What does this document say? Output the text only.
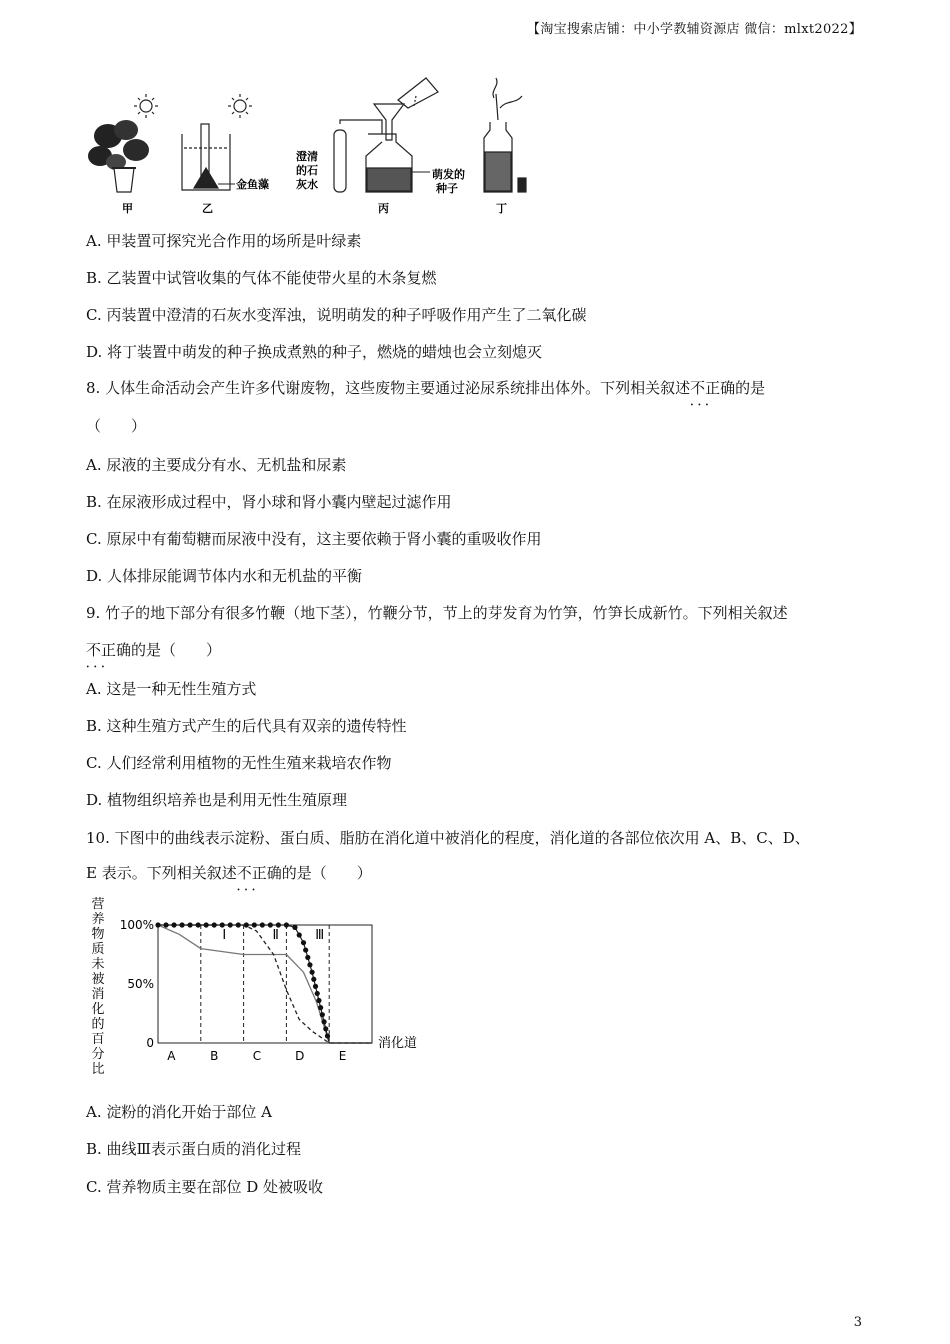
【淘宝搜索店铺：中小学教辅资源店 微信：mlxt2022】
甲
金鱼藻
乙
澄清
的石
灰水
丙
萌发的
种子
丁
A. 甲装置可探究光合作用的场所是叶绿素
B. 乙装置中试管收集的气体不能使带火星的木条复燃
C. 丙装置中澄清的石灰水变浑浊，说明萌发的种子呼吸作用产生了二氧化碳
D. 将丁装置中萌发的种子换成煮熟的种子，燃烧的蜡烛也会立刻熄灭
8. 人体生命活动会产生许多代谢废物，这些废物主要通过泌尿系统排出体外。下列相关叙述不正确 •••的是
（　　）
A. 尿液的主要成分有水、无机盐和尿素
B. 在尿液形成过程中，肾小球和肾小囊内壁起过滤作用
C. 原尿中有葡萄糖而尿液中没有，这主要依赖于肾小囊的重吸收作用
D. 人体排尿能调节体内水和无机盐的平衡
9. 竹子的地下部分有很多竹鞭（地下茎），竹鞭分节，节上的芽发育为竹笋，竹笋长成新竹。下列相关叙述
不正确 •••的是（　　）
A. 这是一种无性生殖方式
B. 这种生殖方式产生的后代具有双亲的遗传特性
C. 人们经常利用植物的无性生殖来栽培农作物
D. 植物组织培养也是利用无性生殖原理
10. 下图中的曲线表示淀粉、蛋白质、脂肪在消化道中被消化的程度，消化道的各部位依次用 A、B、C、D、
E 表示。下列相关叙述不正确 •••的是（　　）
营
养
物
质
未
被
消
化
的
百
分
比
100%
50%
0
A	B	C	D	E
Ⅰ	Ⅱ	Ⅲ
消化道
A. 淀粉的消化开始于部位 A
B. 曲线Ⅲ表示蛋白质的消化过程
C. 营养物质主要在部位 D 处被吸收
3
